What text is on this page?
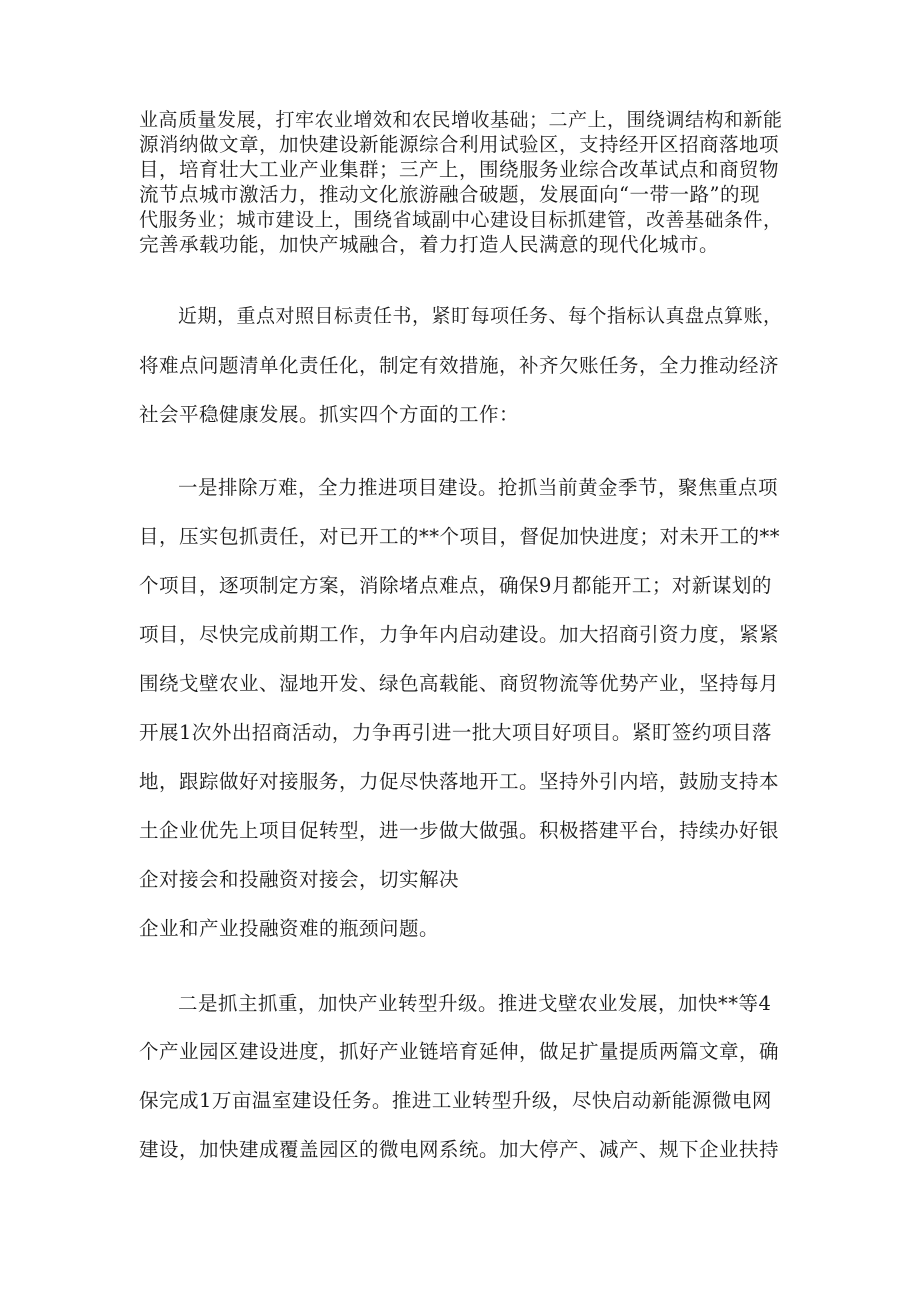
业高质量发展，打牢农业增效和农民增收基础；二产上，围绕调结构和新能
源消纳做文章，加快建设新能源综合利用试验区，支持经开区招商落地项
目，培育壮大工业产业集群；三产上，围绕服务业综合改革试点和商贸物
流节点城市激活力，推动文化旅游融合破题，发展面向“一带一路”的现
代服务业；城市建设上，围绕省域副中心建设目标抓建管，改善基础条件，
完善承载功能，加快产城融合，着力打造人民满意的现代化城市。
近期，重点对照目标责任书，紧盯每项任务、每个指标认真盘点算账，
将难点问题清单化责任化，制定有效措施，补齐欠账任务，全力推动经济
社会平稳健康发展。抓实四个方面的工作：
一是排除万难，全力推进项目建设。抢抓当前黄金季节，聚焦重点项
目，压实包抓责任，对已开工的**个项目，督促加快进度；对未开工的**
个项目，逐项制定方案，消除堵点难点，确保9月都能开工；对新谋划的
项目，尽快完成前期工作，力争年内启动建设。加大招商引资力度，紧紧
围绕戈壁农业、湿地开发、绿色高载能、商贸物流等优势产业，坚持每月
开展1次外出招商活动，力争再引进一批大项目好项目。紧盯签约项目落
地，跟踪做好对接服务，力促尽快落地开工。坚持外引内培，鼓励支持本
土企业优先上项目促转型，进一步做大做强。积极搭建平台，持续办好银
企对接会和投融资对接会，切实解决
企业和产业投融资难的瓶颈问题。
二是抓主抓重，加快产业转型升级。推进戈壁农业发展，加快**等4
个产业园区建设进度，抓好产业链培育延伸，做足扩量提质两篇文章，确
保完成1万亩温室建设任务。推进工业转型升级，尽快启动新能源微电网
建设，加快建成覆盖园区的微电网系统。加大停产、减产、规下企业扶持
